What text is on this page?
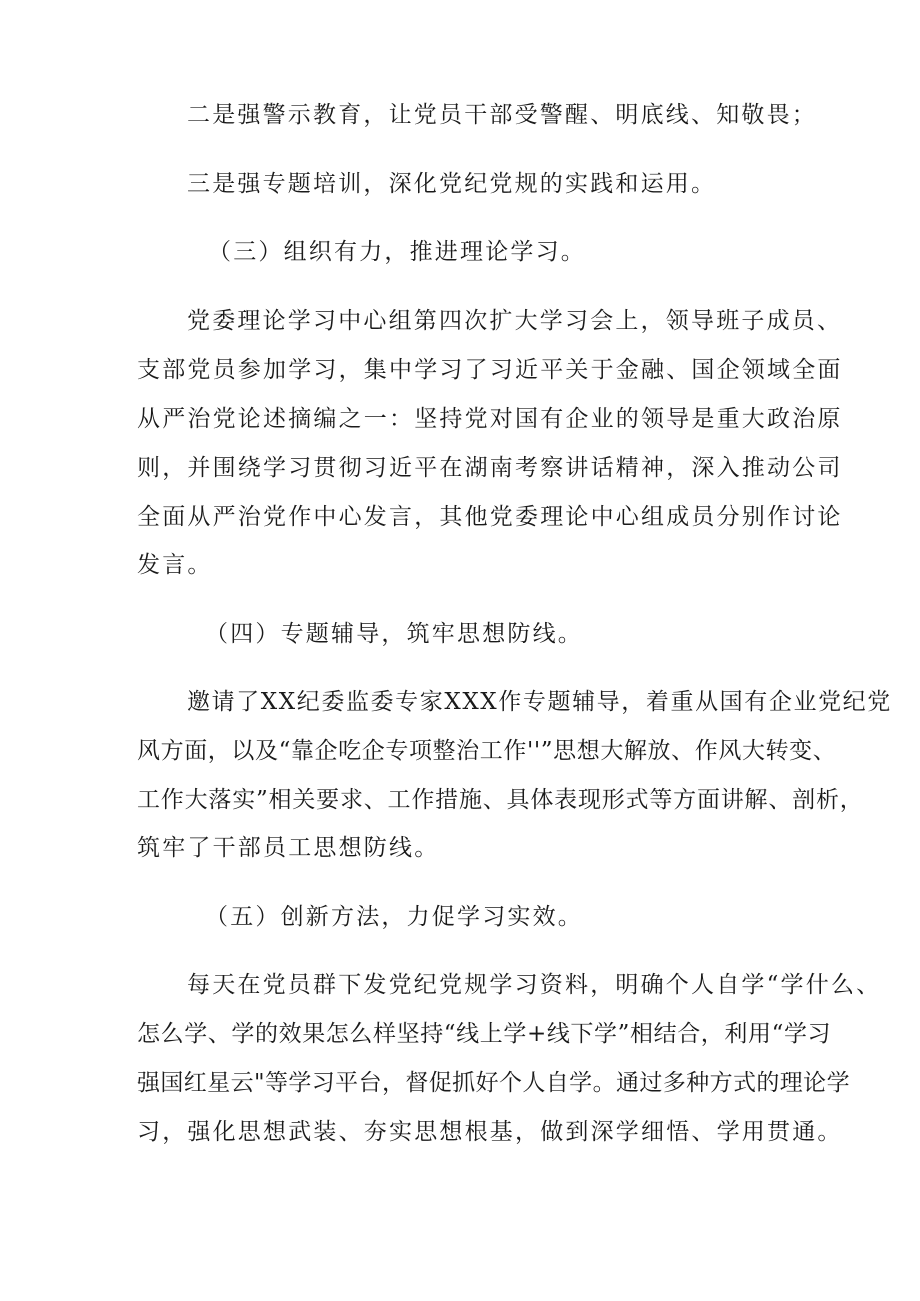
二是强警示教育，让党员干部受警醒、明底线、知敬畏；
三是强专题培训，深化党纪党规的实践和运用。
（三）组织有力，推进理论学习。
党委理论学习中心组第四次扩大学习会上，领导班子成员、
支部党员参加学习，集中学习了习近平关于金融、国企领域全面
从严治党论述摘编之一：坚持党对国有企业的领导是重大政治原
则，并围绕学习贯彻习近平在湖南考察讲话精神，深入推动公司
全面从严治党作中心发言，其他党委理论中心组成员分别作讨论
发言。
（四）专题辅导，筑牢思想防线。
邀请了XX纪委监委专家XXX作专题辅导，着重从国有企业党纪党
风方面，以及“靠企吃企专项整治工作''”思想大解放、作风大转变、
工作大落实”相关要求、工作措施、具体表现形式等方面讲解、剖析，
筑牢了干部员工思想防线。
（五）创新方法，力促学习实效。
每天在党员群下发党纪党规学习资料，明确个人自学“学什么、
怎么学、学的效果怎么样坚持“线上学+线下学”相结合，利用“学习
强国红星云"等学习平台，督促抓好个人自学。通过多种方式的理论学
习，强化思想武装、夯实思想根基，做到深学细悟、学用贯通。
